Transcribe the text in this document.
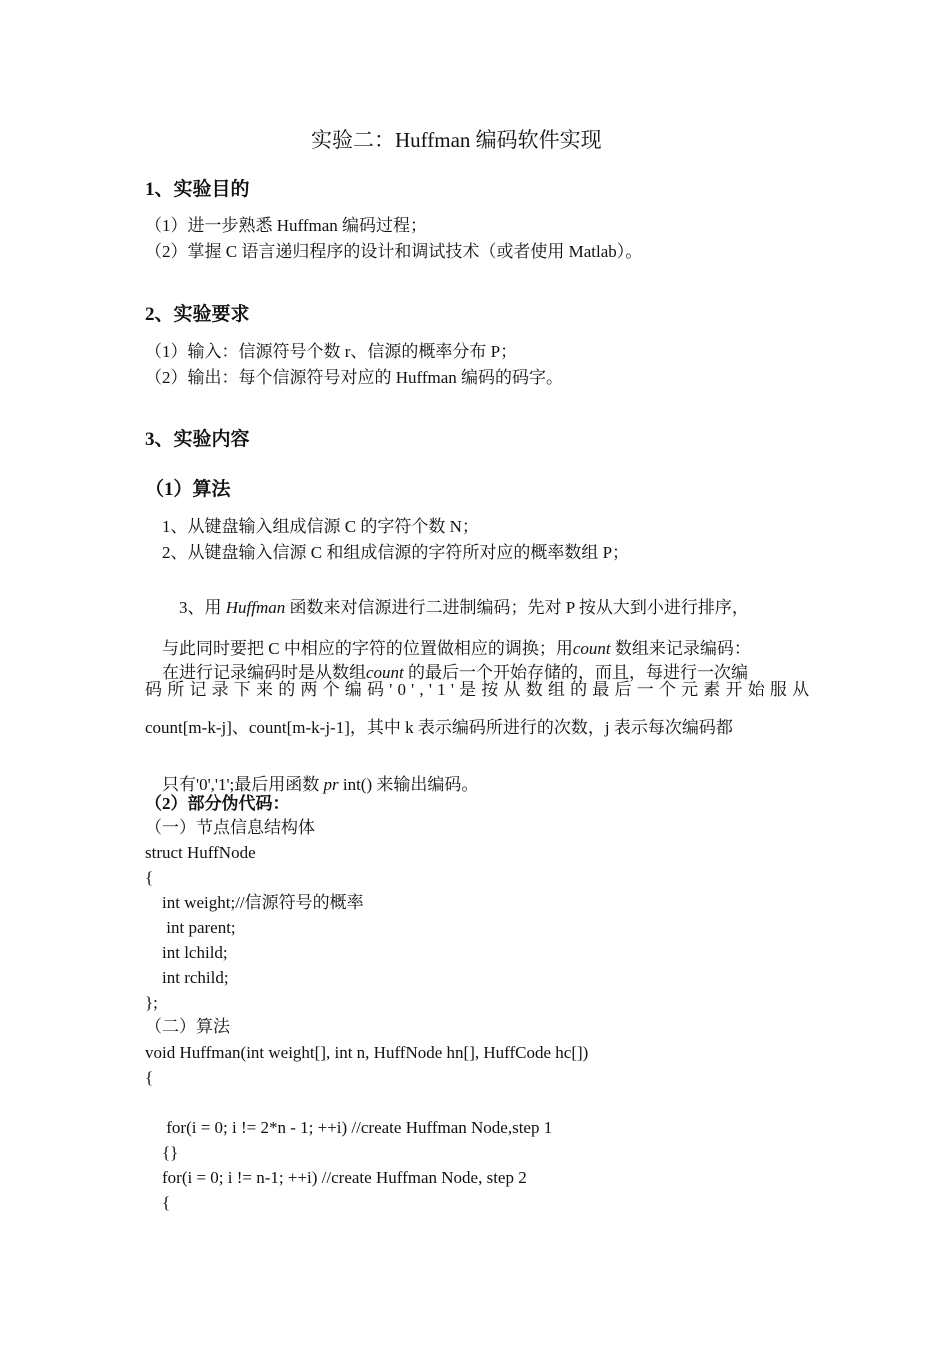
实验二：Huffman 编码软件实现
1、实验目的
（1）进一步熟悉 Huffman 编码过程；
（2）掌握 C 语言递归程序的设计和调试技术（或者使用 Matlab）。
2、实验要求
（1）输入：信源符号个数 r、信源的概率分布 P；
（2）输出：每个信源符号对应的 Huffman 编码的码字。
3、实验内容
（1）算法
1、从键盘输入组成信源 C 的字符个数 N；
2、从键盘输入信源 C 和组成信源的字符所对应的概率数组 P；

3、用 Huffman 函数来对信源进行二进制编码；先对 P 按从大到小进行排序，

与此同时要把 C 中相应的字符的位置做相应的调换；用count 数组来记录编码：

在进行记录编码时是从数组count 的最后一个开始存储的，而且，每进行一次编

码所记录下来的两个编码'0','1'是按从数组的最后一个元素开始服从
count[m-k-j]、count[m-k-j-1]，其中 k 表示编码所进行的次数，j 表示每次编码都

只有'0','1';最后用函数 pr int() 来输出编码。

（2）部分伪代码：
（一）节点信息结构体
struct HuffNode
{
int weight;//信源符号的概率
int parent;
int lchild;
int rchild;
};
（二）算法
void Huffman(int weight[], int n, HuffNode hn[], HuffCode hc[])
{
for(i = 0; i != 2*n - 1; ++i) //create Huffman Node,step 1
{}
for(i = 0; i != n-1; ++i) //create Huffman Node, step 2
{
